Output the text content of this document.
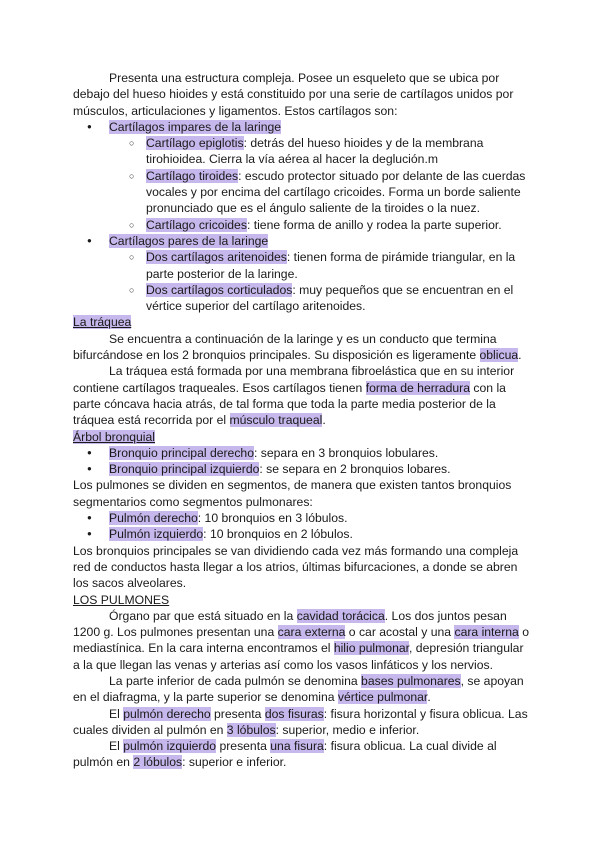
Presenta una estructura compleja. Posee un esqueleto que se ubica por debajo del hueso hioides y está constituido por una serie de cartílagos unidos por músculos, articulaciones y ligamentos. Estos cartílagos son:

● Cartílagos impares de la laringe
○ Cartílago epiglotis: detrás del hueso hioides y de la membrana tirohioidea. Cierra la vía aérea al hacer la deglución.m
○ Cartílago tiroides: escudo protector situado por delante de las cuerdas vocales y por encima del cartílago cricoides. Forma un borde saliente pronunciado que es el ángulo saliente de la tiroides o la nuez.
○ Cartílago cricoides: tiene forma de anillo y rodea la parte superior.
● Cartílagos pares de la laringe
○ Dos cartílagos aritenoides: tienen forma de pirámide triangular, en la parte posterior de la laringe.
○ Dos cartílagos corticulados: muy pequeños que se encuentran en el vértice superior del cartílago aritenoides.

La tráquea

Se encuentra a continuación de la laringe y es un conducto que termina bifurcándose en los 2 bronquios principales. Su disposición es ligeramente oblicua.

La tráquea está formada por una membrana fibroelástica que en su interior contiene cartílagos traqueales. Esos cartílagos tienen forma de herradura con la parte cóncava hacia atrás, de tal forma que toda la parte media posterior de la tráquea está recorrida por el músculo traqueal.

Árbol bronquial

● Bronquio principal derecho: separa en 3 bronquios lobulares.
● Bronquio principal izquierdo: se separa en 2 bronquios lobares.

Los pulmones se dividen en segmentos, de manera que existen tantos bronquios segmentarios como segmentos pulmonares:

● Pulmón derecho: 10 bronquios en 3 lóbulos.
● Pulmón izquierdo: 10 bronquios en 2 lóbulos.

Los bronquios principales se van dividiendo cada vez más formando una compleja red de conductos hasta llegar a los atrios, últimas bifurcaciones, a donde se abren los sacos alveolares.

LOS PULMONES

Órgano par que está situado en la cavidad torácica. Los dos juntos pesan 1200 g. Los pulmones presentan una cara externa o car acostal y una cara interna o mediastínica. En la cara interna encontramos el hilio pulmonar, depresión triangular a la que llegan las venas y arterias así como los vasos linfáticos y los nervios.

La parte inferior de cada pulmón se denomina bases pulmonares, se apoyan en el diafragma, y la parte superior se denomina vértice pulmonar.

El pulmón derecho presenta dos fisuras: fisura horizontal y fisura oblicua. Las cuales dividen al pulmón en 3 lóbulos: superior, medio e inferior.

El pulmón izquierdo presenta una fisura: fisura oblicua. La cual divide al pulmón en 2 lóbulos: superior e inferior.
